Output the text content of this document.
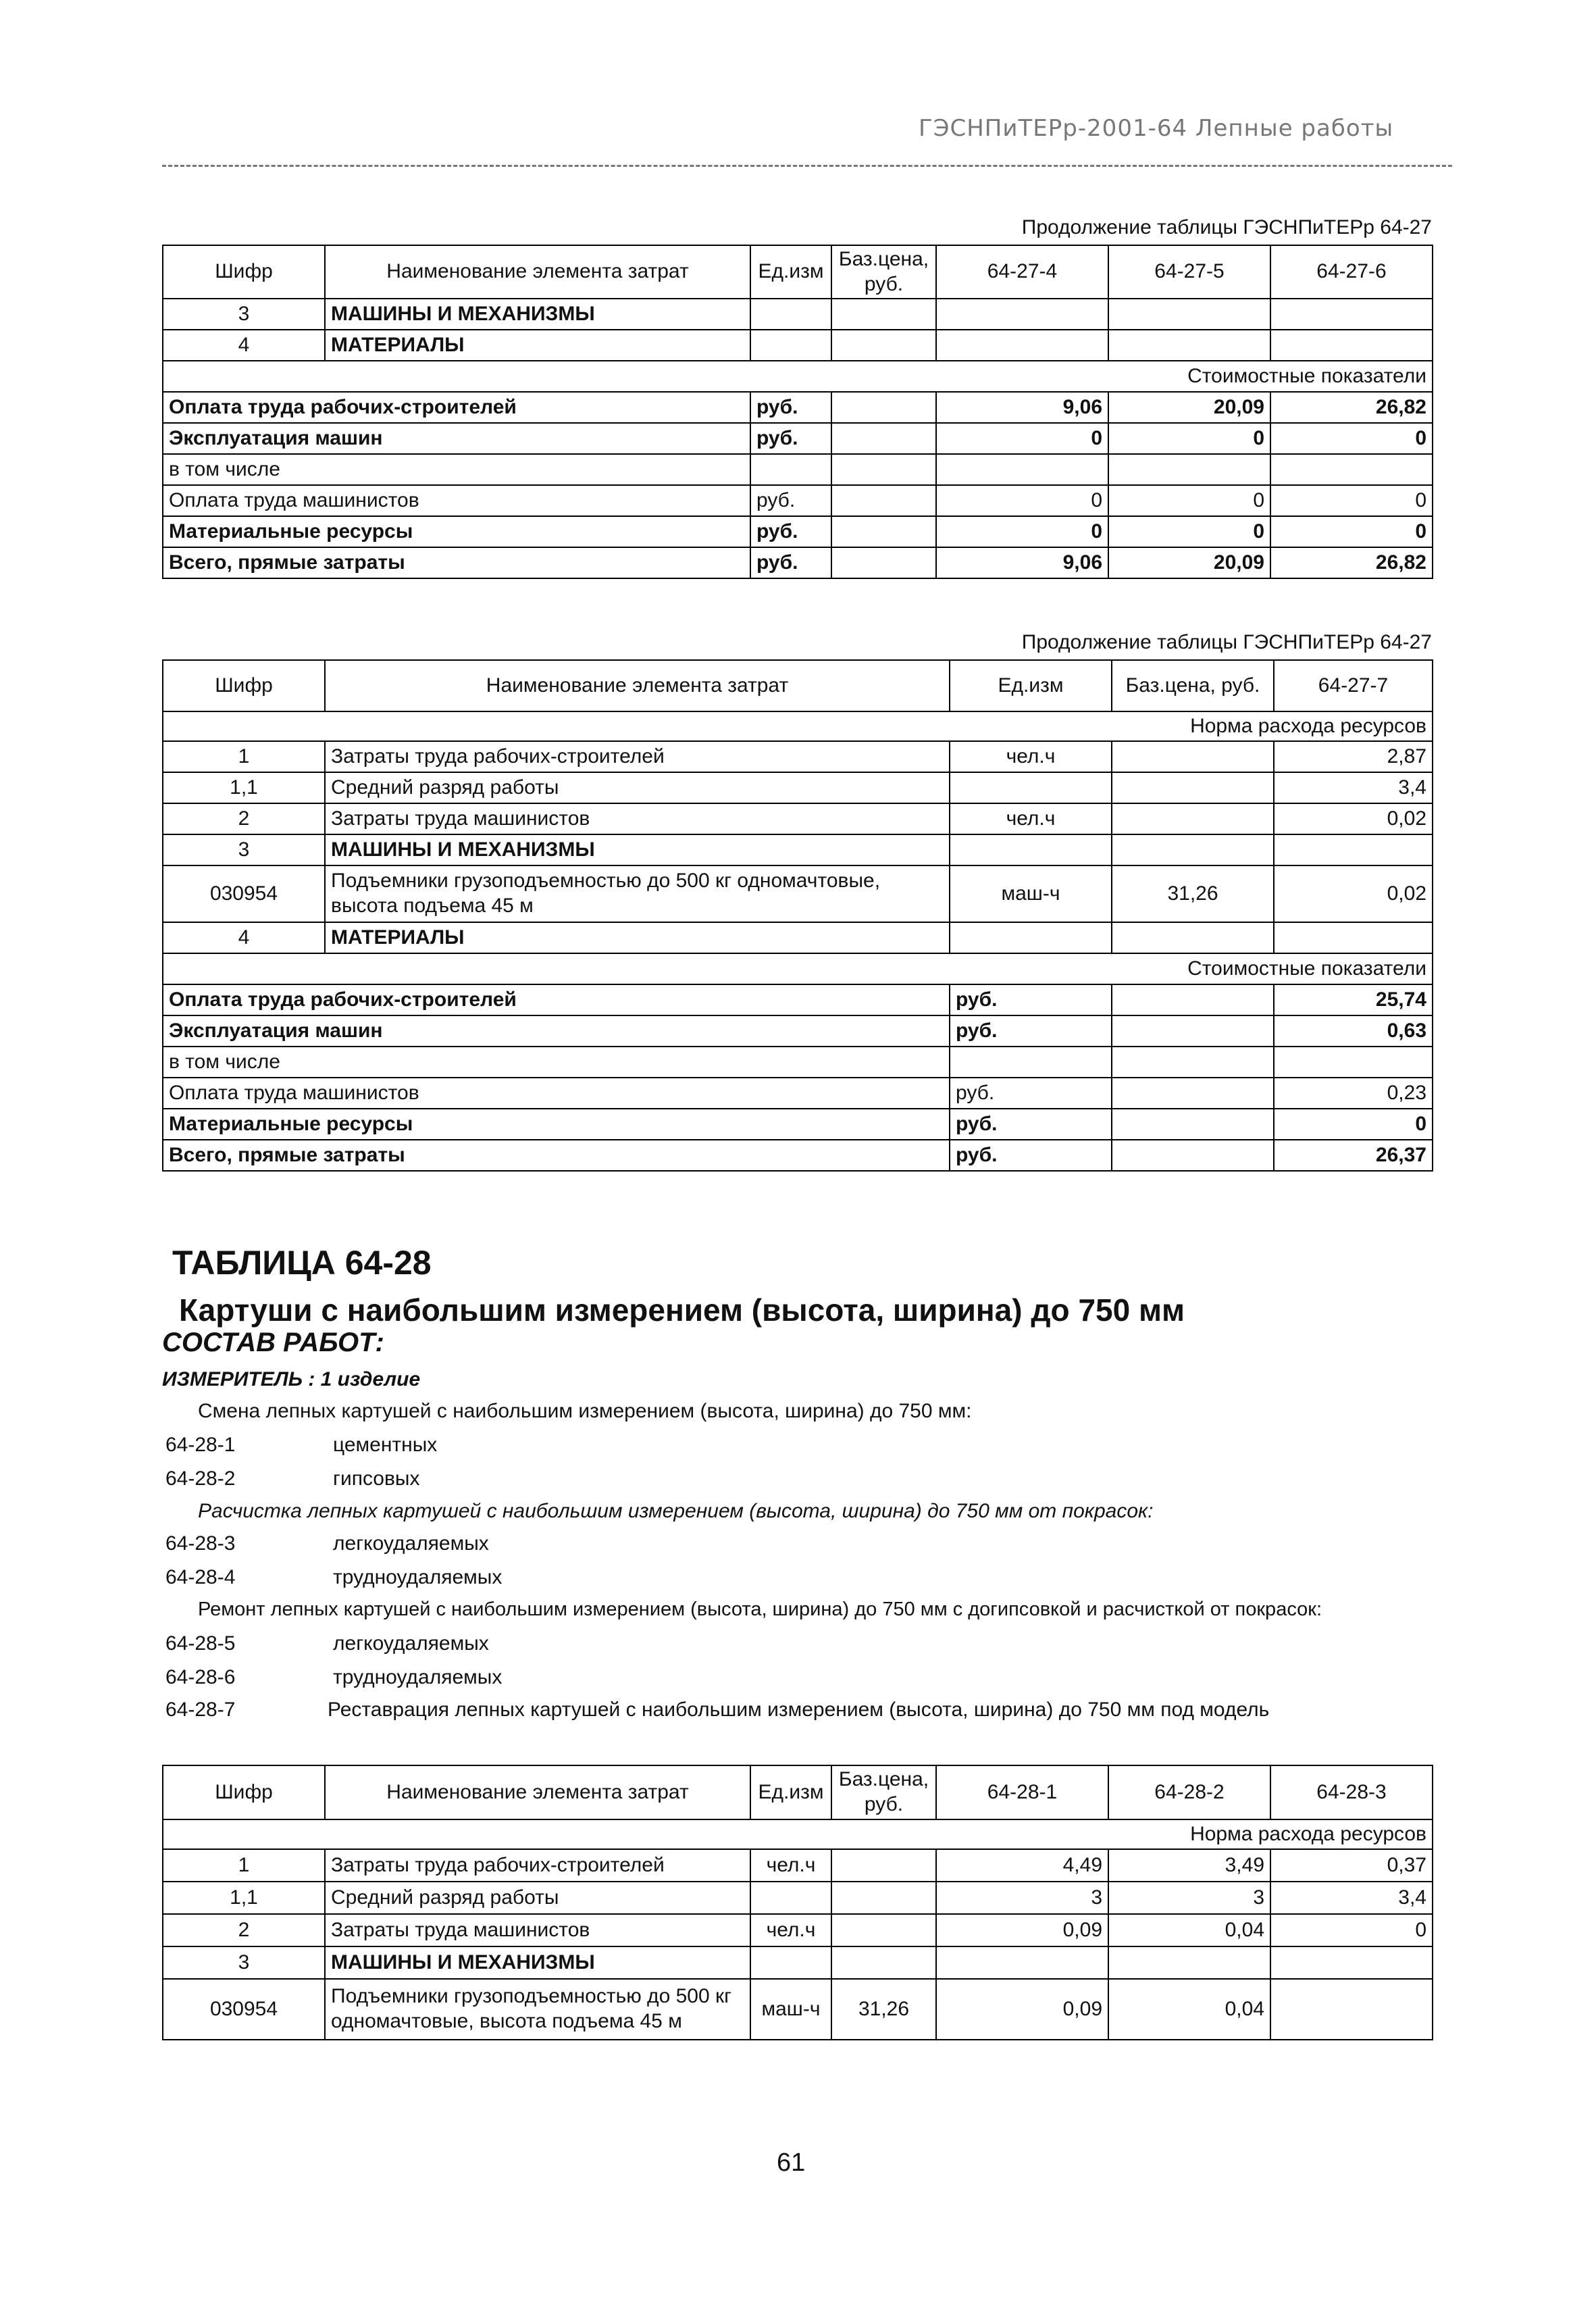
ГЭСНПиТЕРр-2001-64 Лепные работы
Продолжение таблицы ГЭСНПиТЕРр 64-27
Шифр	Наименование элемента затрат	Ед.изм	Баз.цена, руб.	64-27-4	64-27-5	64-27-6
3	МАШИНЫ И МЕХАНИЗМЫ					
4	МАТЕРИАЛЫ					
Стоимостные показатели						
Оплата труда рабочих-строителей		руб.		9,06	20,09	26,82
Эксплуатация машин		руб.		0	0	0
в том числе						
Оплата труда машинистов		руб.		0	0	0
Материальные ресурсы		руб.		0	0	0
Всего, прямые затраты		руб.		9,06	20,09	26,82
Продолжение таблицы ГЭСНПиТЕРр 64-27
Шифр	Наименование элемента затрат	Ед.изм	Баз.цена, руб.	64-27-7
Норма расхода ресурсов				
1	Затраты труда рабочих-строителей	чел.ч		2,87
1,1	Средний разряд работы			3,4
2	Затраты труда машинистов	чел.ч		0,02
3	МАШИНЫ И МЕХАНИЗМЫ			
030954	Подъемники грузоподъемностью до 500 кг одномачтовые, высота подъема 45 м	маш-ч	31,26	0,02
4	МАТЕРИАЛЫ			
Стоимостные показатели				
Оплата труда рабочих-строителей		руб.		25,74
Эксплуатация машин		руб.		0,63
в том числе				
Оплата труда машинистов		руб.		0,23
Материальные ресурсы		руб.		0
Всего, прямые затраты		руб.		26,37
ТАБЛИЦА 64-28
Картуши с наибольшим измерением (высота, ширина) до 750 мм
СОСТАВ РАБОТ:
ИЗМЕРИТЕЛЬ : 1 изделие
Смена лепных картушей с наибольшим измерением (высота, ширина) до 750 мм:
64-28-1	цементных
64-28-2	гипсовых
Расчистка лепных картушей с наибольшим измерением (высота, ширина) до 750 мм от покрасок:
64-28-3	легкоудаляемых
64-28-4	трудноудаляемых
Ремонт лепных картушей с наибольшим измерением (высота, ширина) до 750 мм с догипсовкой и расчисткой от покрасок:
64-28-5	легкоудаляемых
64-28-6	трудноудаляемых
64-28-7	Реставрация лепных картушей с наибольшим измерением (высота, ширина) до 750 мм под модель
Шифр	Наименование элемента затрат	Ед.изм	Баз.цена, руб.	64-28-1	64-28-2	64-28-3
Норма расхода ресурсов						
1	Затраты труда рабочих-строителей	чел.ч		4,49	3,49	0,37
1,1	Средний разряд работы			3	3	3,4
2	Затраты труда машинистов	чел.ч		0,09	0,04	0
3	МАШИНЫ И МЕХАНИЗМЫ					
030954	Подъемники грузоподъемностью до 500 кг одномачтовые, высота подъема 45 м	маш-ч	31,26	0,09	0,04	
61
